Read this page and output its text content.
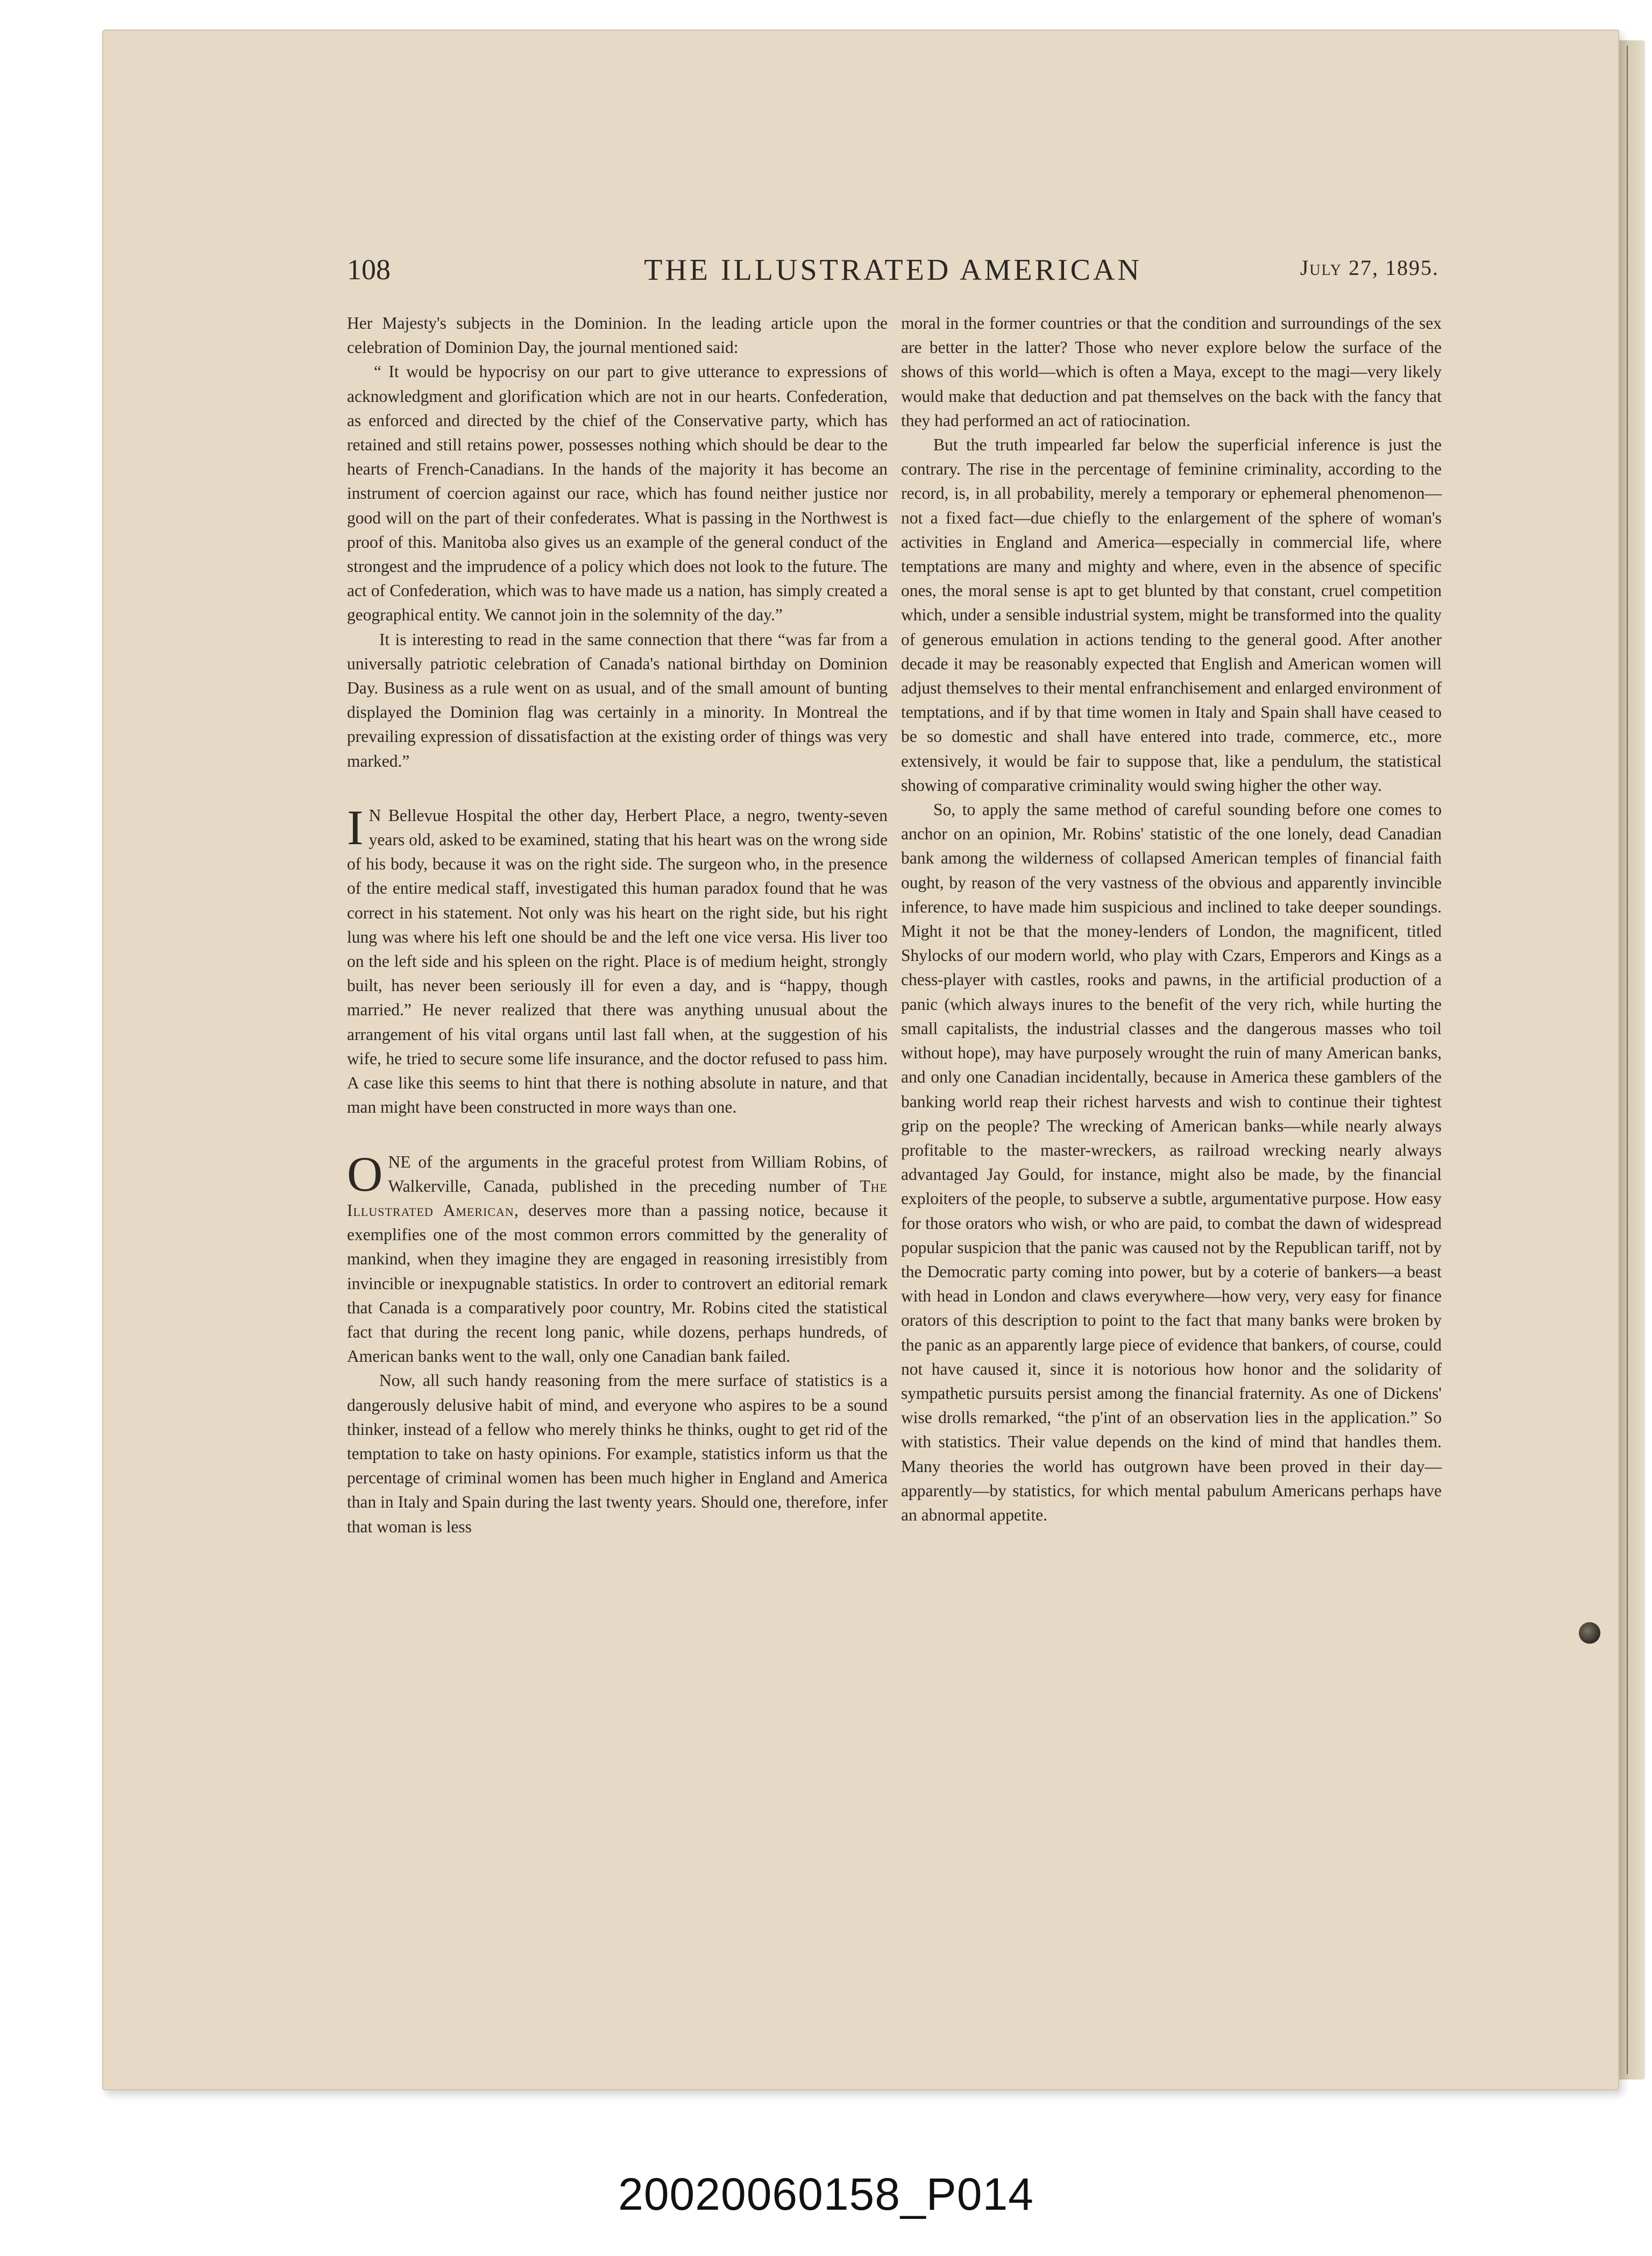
108	THE ILLUSTRATED AMERICAN	July 27, 1895.

Her Majesty's subjects in the Dominion. In the leading article upon the celebration of Dominion Day, the journal mentioned said:

“ It would be hypocrisy on our part to give utterance to expressions of acknowledgment and glorification which are not in our hearts. Confederation, as enforced and directed by the chief of the Conservative party, which has retained and still retains power, possesses nothing which should be dear to the hearts of French-Canadians. In the hands of the majority it has become an instrument of coercion against our race, which has found neither justice nor good will on the part of their confederates. What is passing in the Northwest is proof of this. Manitoba also gives us an example of the general conduct of the strongest and the imprudence of a policy which does not look to the future. The act of Confederation, which was to have made us a nation, has simply created a geographical entity. We cannot join in the solemnity of the day.”

It is interesting to read in the same connection that there “was far from a universally patriotic celebration of Canada's national birthday on Dominion Day. Business as a rule went on as usual, and of the small amount of bunting displayed the Dominion flag was certainly in a minority. In Montreal the prevailing expression of dissatisfaction at the existing order of things was very marked.”

I N Bellevue Hospital the other day, Herbert Place, a negro, twenty-seven years old, asked to be examined, stating that his heart was on the wrong side of his body, because it was on the right side. The surgeon who, in the presence of the entire medical staff, investigated this human paradox found that he was correct in his statement. Not only was his heart on the right side, but his right lung was where his left one should be and the left one vice versa. His liver too on the left side and his spleen on the right. Place is of medium height, strongly built, has never been seriously ill for even a day, and is “happy, though married.” He never realized that there was anything unusual about the arrangement of his vital organs until last fall when, at the suggestion of his wife, he tried to secure some life insurance, and the doctor refused to pass him. A case like this seems to hint that there is nothing absolute in nature, and that man might have been constructed in more ways than one.

ONE of the arguments in the graceful protest from William Robins, of Walkerville, Canada, published in the preceding number of The Illustrated American, deserves more than a passing notice, because it exemplifies one of the most common errors committed by the generality of mankind, when they imagine they are engaged in reasoning irresistibly from invincible or inexpugnable statistics. In order to controvert an editorial remark that Canada is a comparatively poor country, Mr. Robins cited the statistical fact that during the recent long panic, while dozens, perhaps hundreds, of American banks went to the wall, only one Canadian bank failed.

Now, all such handy reasoning from the mere surface of statistics is a dangerously delusive habit of mind, and everyone who aspires to be a sound thinker, instead of a fellow who merely thinks he thinks, ought to get rid of the temptation to take on hasty opinions. For example, statistics inform us that the percentage of criminal women has been much higher in England and America than in Italy and Spain during the last twenty years. Should one, therefore, infer that woman is less

moral in the former countries or that the condition and surroundings of the sex are better in the latter? Those who never explore below the surface of the shows of this world—which is often a Maya, except to the magi—very likely would make that deduction and pat themselves on the back with the fancy that they had performed an act of ratiocination.

But the truth impearled far below the superficial inference is just the contrary. The rise in the percentage of feminine criminality, according to the record, is, in all probability, merely a temporary or ephemeral phenomenon—not a fixed fact—due chiefly to the enlargement of the sphere of woman's activities in England and America—especially in commercial life, where temptations are many and mighty and where, even in the absence of specific ones, the moral sense is apt to get blunted by that constant, cruel competition which, under a sensible industrial system, might be transformed into the quality of generous emulation in actions tending to the general good. After another decade it may be reasonably expected that English and American women will adjust themselves to their mental enfranchisement and enlarged environment of temptations, and if by that time women in Italy and Spain shall have ceased to be so domestic and shall have entered into trade, commerce, etc., more extensively, it would be fair to suppose that, like a pendulum, the statistical showing of comparative criminality would swing higher the other way.

So, to apply the same method of careful sounding before one comes to anchor on an opinion, Mr. Robins' statistic of the one lonely, dead Canadian bank among the wilderness of collapsed American temples of financial faith ought, by reason of the very vastness of the obvious and apparently invincible inference, to have made him suspicious and inclined to take deeper soundings. Might it not be that the money-lenders of London, the magnificent, titled Shylocks of our modern world, who play with Czars, Emperors and Kings as a chess-player with castles, rooks and pawns, in the artificial production of a panic (which always inures to the benefit of the very rich, while hurting the small capitalists, the industrial classes and the dangerous masses who toil without hope), may have purposely wrought the ruin of many American banks, and only one Canadian incidentally, because in America these gamblers of the banking world reap their richest harvests and wish to continue their tightest grip on the people? The wrecking of American banks—while nearly always profitable to the master-wreckers, as railroad wrecking nearly always advantaged Jay Gould, for instance, might also be made, by the financial exploiters of the people, to subserve a subtle, argumentative purpose. How easy for those orators who wish, or who are paid, to combat the dawn of widespread popular suspicion that the panic was caused not by the Republican tariff, not by the Democratic party coming into power, but by a coterie of bankers—a beast with head in London and claws everywhere—how very, very easy for finance orators of this description to point to the fact that many banks were broken by the panic as an apparently large piece of evidence that bankers, of course, could not have caused it, since it is notorious how honor and the solidarity of sympathetic pursuits persist among the financial fraternity. As one of Dickens' wise drolls remarked, “the p'int of an observation lies in the application.” So with statistics. Their value depends on the kind of mind that handles them. Many theories the world has outgrown have been proved in their day—apparently—by statistics, for which mental pabulum Americans perhaps have an abnormal appetite.

20020060158_P014
